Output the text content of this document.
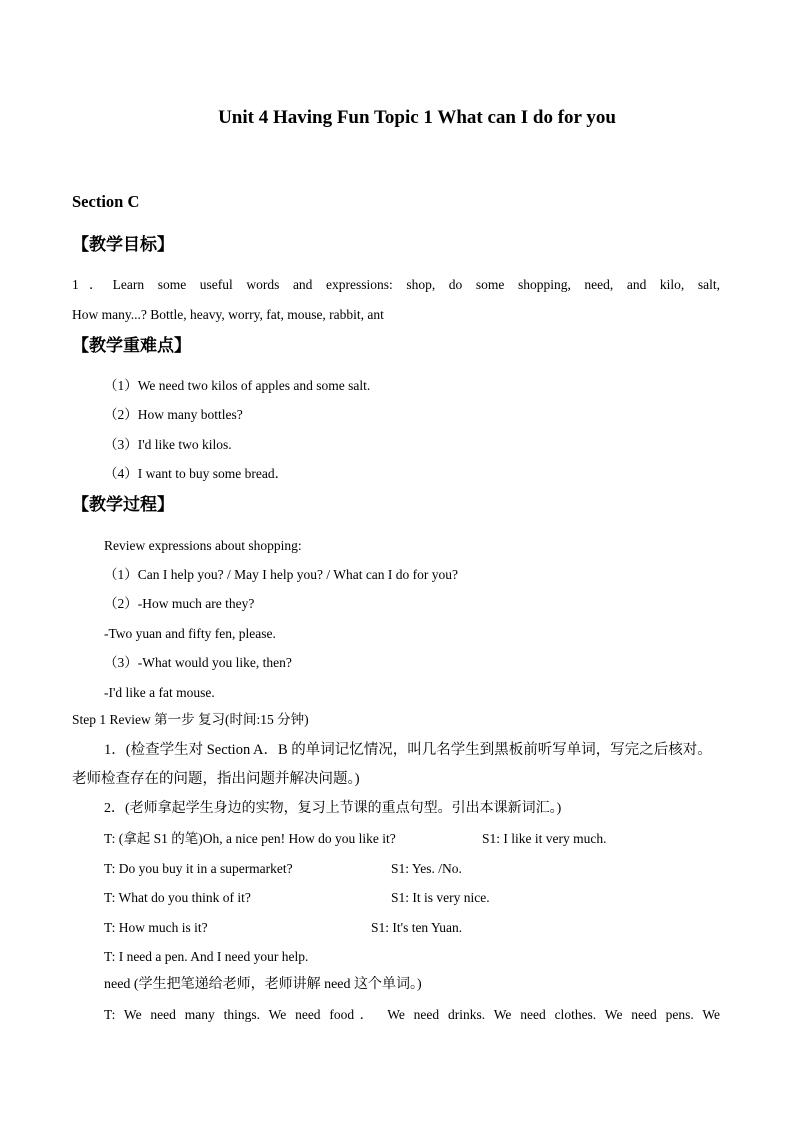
Unit 4 Having Fun Topic 1 What can I do for you
Section C
【教学目标】
1．Learn some useful words and expressions: shop, do some shopping, need, and kilo, salt,
How many...? Bottle, heavy, worry, fat, mouse, rabbit, ant
【教学重难点】
（1）We need two kilos of apples and some salt.
（2）How many bottles?
（3）I'd like two kilos.
（4）I want to buy some bread．
【教学过程】
Review expressions about shopping:
（1）Can I help you? / May I help you? / What can I do for you?
（2）-How much are they?
-Two yuan and fifty fen, please.
（3）-What would you like, then?
-I'd like a fat mouse.
Step 1 Review 第一步 复习(时间:15 分钟)
1．(检查学生对 Section A．B 的单词记忆情况，叫几名学生到黑板前听写单词，写完之后核对。老师检查存在的问题，指出问题并解决问题。)
2．(老师拿起学生身边的实物，复习上节课的重点句型。引出本课新词汇。)
T: (拿起 S1 的笔)Oh, a nice pen! How do you like it?	S1: I like it very much.
T: Do you buy it in a supermarket?	S1: Yes. /No.
T: What do you think of it?	S1: It is very nice.
T: How much is it?	S1: It's ten Yuan.
T: I need a pen. And I need your help.
need (学生把笔递给老师，老师讲解 need 这个单词。)
T: We need many things. We need food． We need drinks. We need clothes. We need pens. We
